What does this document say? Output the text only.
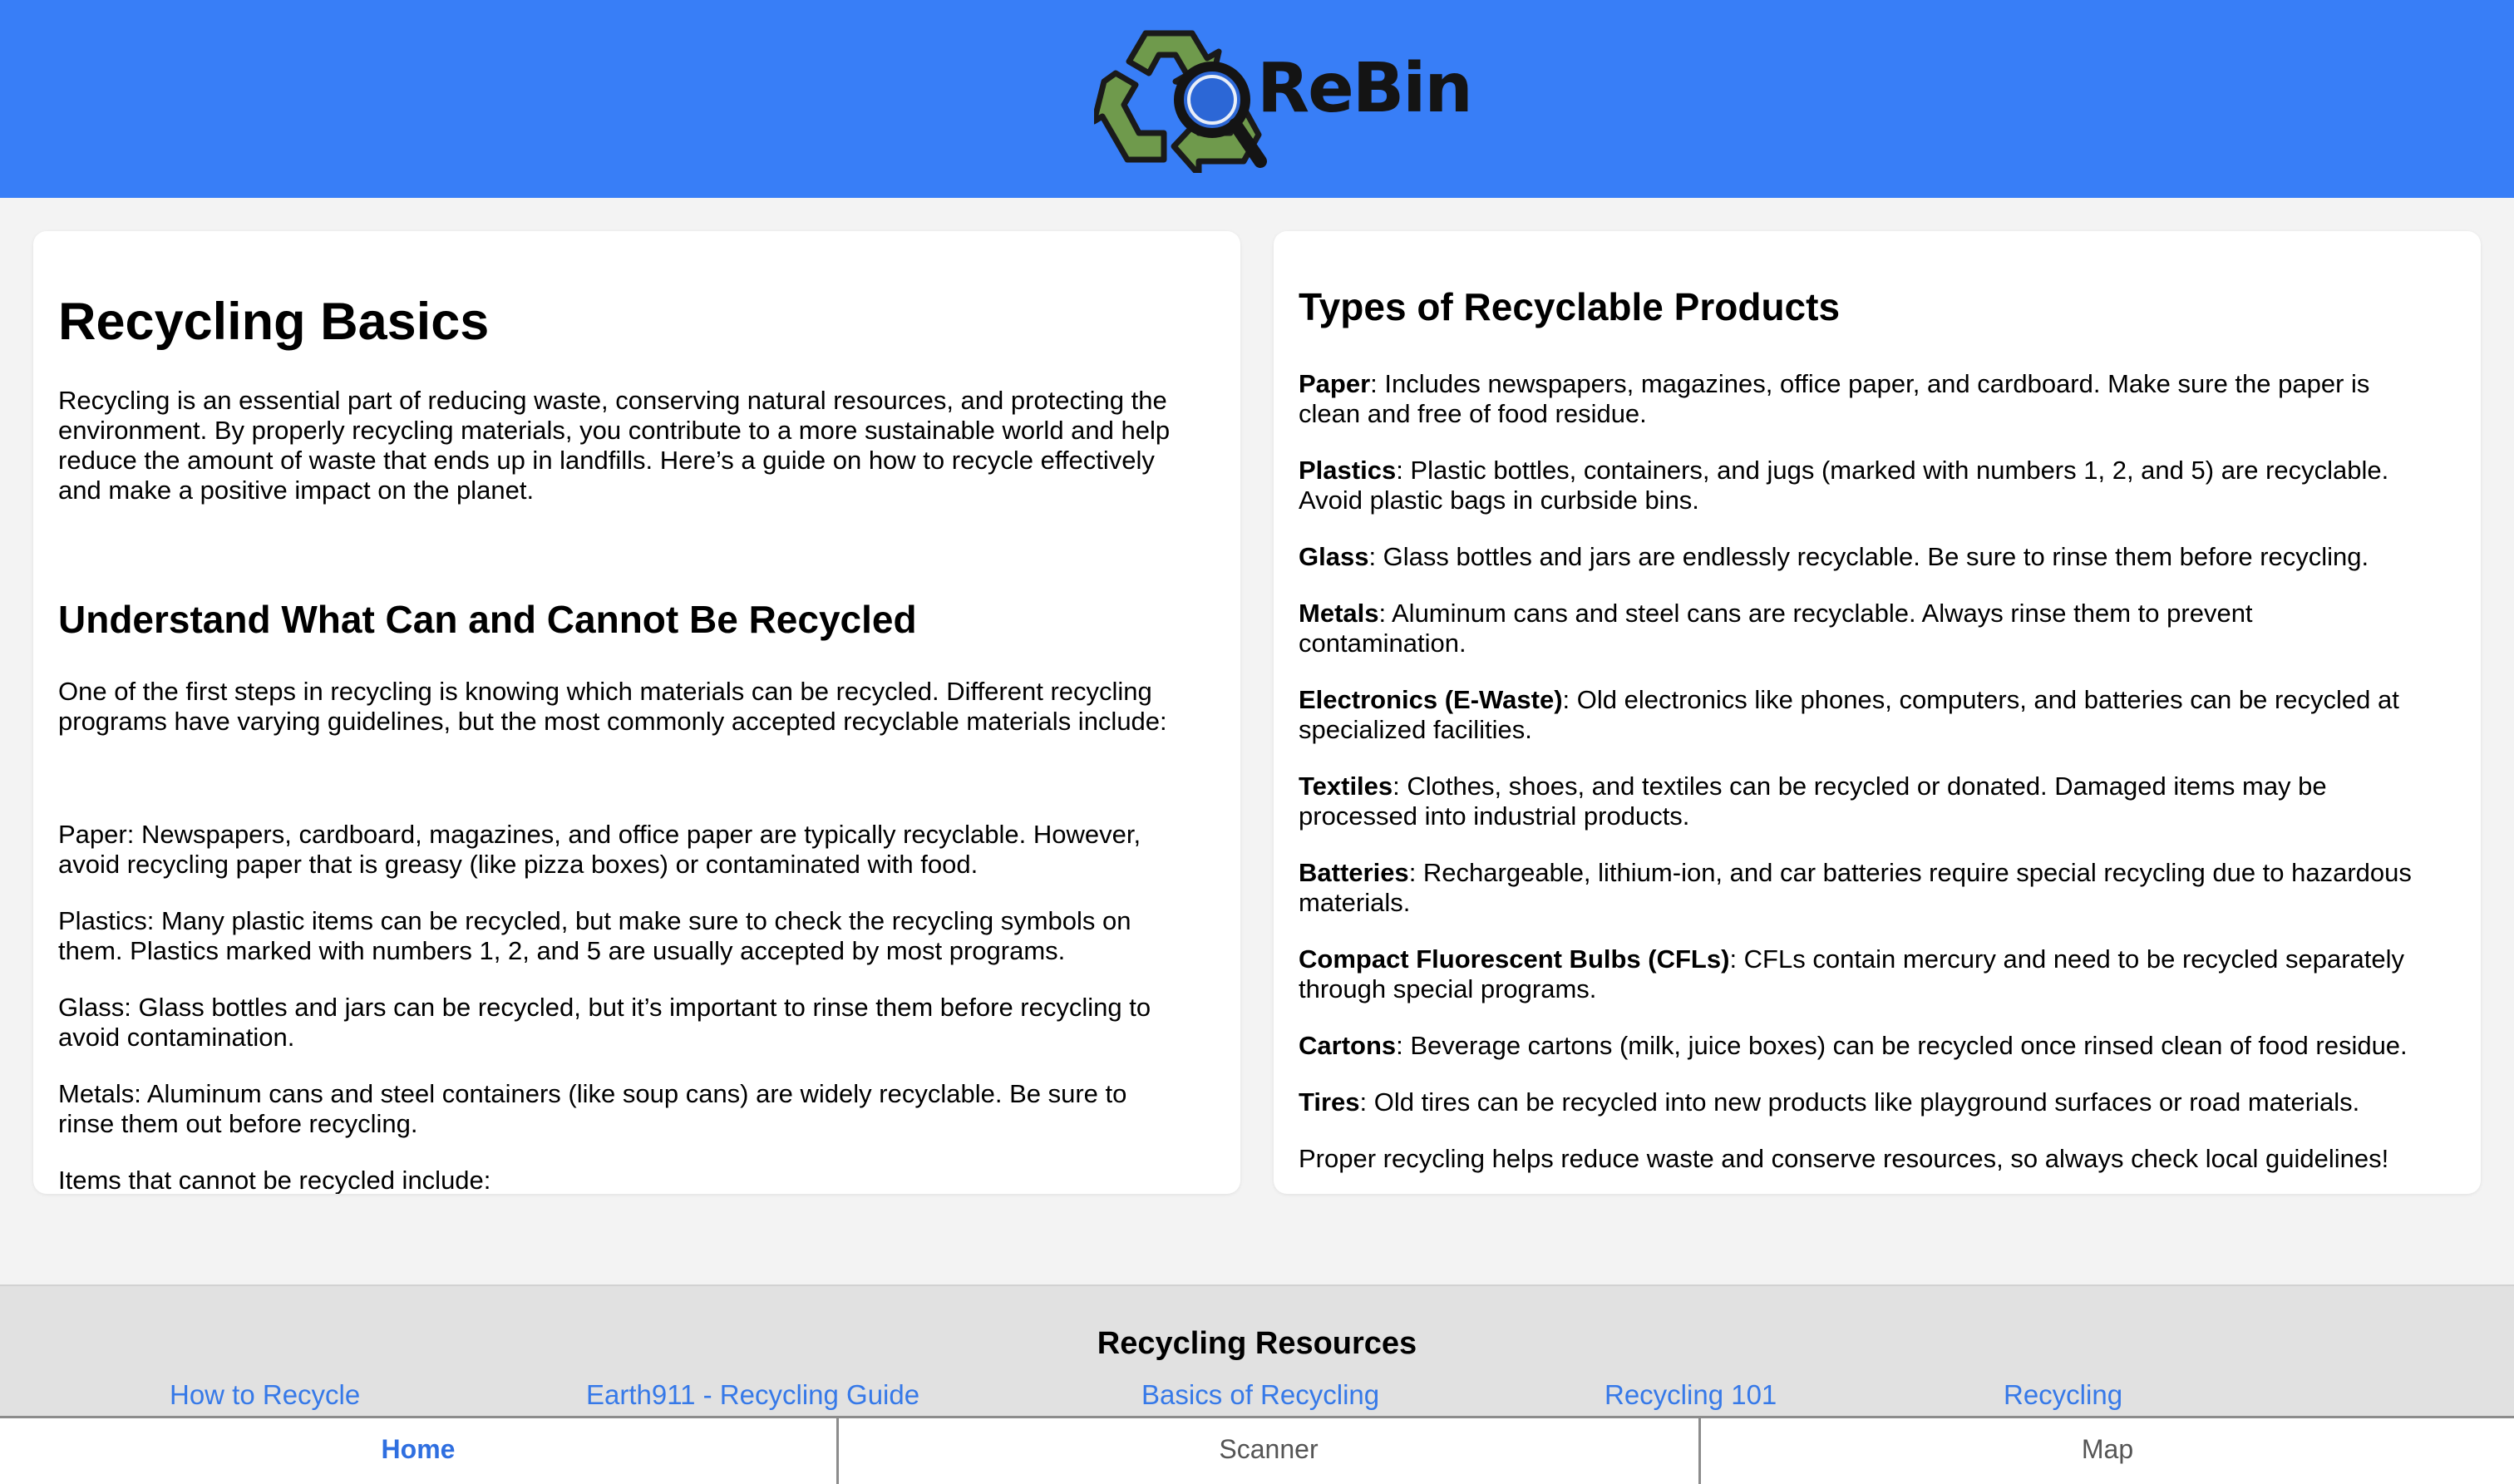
ReBin
Recycling Basics
Recycling is an essential part of reducing waste, conserving natural resources, and protecting the
environment. By properly recycling materials, you contribute to a more sustainable world and help
reduce the amount of waste that ends up in landfills. Here’s a guide on how to recycle effectively
and make a positive impact on the planet.
Understand What Can and Cannot Be Recycled
One of the first steps in recycling is knowing which materials can be recycled. Different recycling
programs have varying guidelines, but the most commonly accepted recyclable materials include:
Paper: Newspapers, cardboard, magazines, and office paper are typically recyclable. However,
avoid recycling paper that is greasy (like pizza boxes) or contaminated with food.
Plastics: Many plastic items can be recycled, but make sure to check the recycling symbols on
them. Plastics marked with numbers 1, 2, and 5 are usually accepted by most programs.
Glass: Glass bottles and jars can be recycled, but it’s important to rinse them before recycling to
avoid contamination.
Metals: Aluminum cans and steel containers (like soup cans) are widely recyclable. Be sure to
rinse them out before recycling.
Items that cannot be recycled include:
Types of Recyclable Products
Paper: Includes newspapers, magazines, office paper, and cardboard. Make sure the paper is
clean and free of food residue.
Plastics: Plastic bottles, containers, and jugs (marked with numbers 1, 2, and 5) are recyclable.
Avoid plastic bags in curbside bins.
Glass: Glass bottles and jars are endlessly recyclable. Be sure to rinse them before recycling.
Metals: Aluminum cans and steel cans are recyclable. Always rinse them to prevent
contamination.
Electronics (E-Waste): Old electronics like phones, computers, and batteries can be recycled at
specialized facilities.
Textiles: Clothes, shoes, and textiles can be recycled or donated. Damaged items may be
processed into industrial products.
Batteries: Rechargeable, lithium-ion, and car batteries require special recycling due to hazardous
materials.
Compact Fluorescent Bulbs (CFLs): CFLs contain mercury and need to be recycled separately
through special programs.
Cartons: Beverage cartons (milk, juice boxes) can be recycled once rinsed clean of food residue.
Tires: Old tires can be recycled into new products like playground surfaces or road materials.
Proper recycling helps reduce waste and conserve resources, so always check local guidelines!
Recycling Resources
How to Recycle	Earth911 - Recycling Guide	Basics of Recycling	Recycling 101	Recycling
Home	Scanner	Map
